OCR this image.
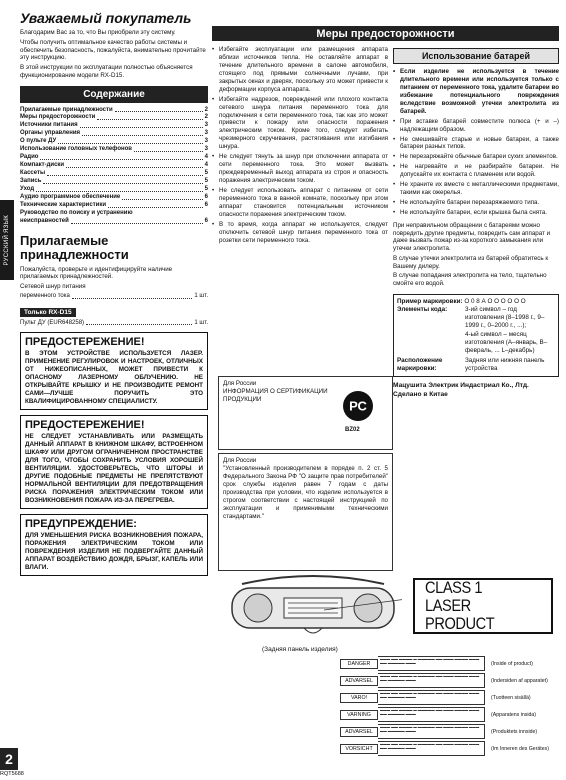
РУССКИЙ ЯЗЫК
Уважаемый покупатель

Благодарим Вас за то, что Вы приобрели эту систему.

Чтобы получить оптимальное качество работы системы и обеспечить безопасность, пожалуйста, внимательно прочитайте эту инструкцию.

В этой инструкции по эксплуатации полностью объясняется функционирование модели RX-D15.

Содержание
Прилагаемые принадлежности	2
Меры предосторожности	2
Источники питания	3
Органы управления	3
О пульте ДУ	3
Использование головных телефонов	3
Радио	4
Компакт-диски	4
Кассеты	5
Запись	5
Уход	5
Аудио программное обеспечение	6
Технические характеристики	6
Руководство по поиску и устранению
неисправностей	6
Прилагаемые
принадлежности

Пожалуйста, проверьте и идентифицируйте наличие прилагаемых принадлежностей.

Сетевой шнур питания
переменного тока	1 шт.
Только RX-D15
Пульт ДУ (EUR648258)	1 шт.
ПРЕДОСТЕРЕЖЕНИЕ!

В ЭТОМ УСТРОЙСТВЕ ИСПОЛЬЗУЕТСЯ ЛАЗЕР. ПРИМЕНЕНИЕ РЕГУЛИРОВОК И НАСТРОЕК, ОТЛИЧНЫХ ОТ НИЖЕОПИСАННЫХ, МОЖЕТ ПРИВЕСТИ К ОПАСНОМУ ЛАЗЕРНОМУ ОБЛУЧЕНИЮ. НЕ ОТКРЫВАЙТЕ КРЫШКУ И НЕ ПРОИЗВОДИТЕ РЕМОНТ САМИ—ЛУЧШЕ ПОРУЧИТЬ ЭТО КВАЛИФИЦИРОВАННОМУ СПЕЦИАЛИСТУ.

ПРЕДОСТЕРЕЖЕНИЕ!

НЕ СЛЕДУЕТ УСТАНАВЛИВАТЬ ИЛИ РАЗМЕЩАТЬ ДАННЫЙ АППАРАТ В КНИЖНОМ ШКАФУ, ВСТРОЕННОМ ШКАФУ ИЛИ ДРУГОМ ОГРАНИЧЕННОМ ПРОСТРАНСТВЕ ДЛЯ ТОГО, ЧТОБЫ СОХРАНИТЬ УСЛОВИЯ ХОРОШЕЙ ВЕНТИЛЯЦИИ. УДОСТОВЕРЬТЕСЬ, ЧТО ШТОРЫ И ДРУГИЕ ПОДОБНЫЕ ПРЕДМЕТЫ НЕ ПРЕПЯТСТВУЮТ НОРМАЛЬНОЙ ВЕНТИЛЯЦИИ ДЛЯ ПРЕДОТВРАЩЕНИЯ РИСКА ПОРАЖЕНИЯ ЭЛЕКТРИЧЕСКИМ ТОКОМ ИЛИ ВОЗНИКНОВЕНИЯ ПОЖАРА ИЗ-ЗА ПЕРЕГРЕВА.

ПРЕДУПРЕЖДЕНИЕ:

ДЛЯ УМЕНЬШЕНИЯ РИСКА ВОЗНИКНОВЕНИЯ ПОЖАРА, ПОРАЖЕНИЯ ЭЛЕКТРИЧЕСКИМ ТОКОМ ИЛИ ПОВРЕЖДЕНИЯ ИЗДЕЛИЯ НЕ ПОДВЕРГАЙТЕ ДАННЫЙ АППАРАТ ВОЗДЕЙСТВИЮ ДОЖДЯ, БРЫЗГ, КАПЕЛЬ ИЛИ ВЛАГИ.

Меры предосторожности

• Избегайте эксплуатации или размещения аппарата вблизи источников тепла. Не оставляйте аппарат в течение длительного времени в салоне автомобиля, стоящего под прямыми солнечными лучами, при закрытых окнах и дверях, поскольку это может привести к деформации корпуса аппарата.

• Избегайте надрезов, повреждений или плохого контакта сетевого шнура питания переменного тока для подключения к сети переменного тока, так как это может привести к пожару или опасности поражения электрическим током. Кроме того, следует избегать чрезмерного скручивания, растягивания или изгибания шнура.

• Не следует тянуть за шнур при отключении аппарата от сети переменного тока. Это может вызвать преждевременный выход аппарата из строя и опасность поражения электрическим током.

• Не следует использовать аппарат с питанием от сети переменного тока в ванной комнате, поскольку при этом аппарат становится потенциальным источником опасности поражения электрическим током.

• В то время, когда аппарат не используется, следует отключить сетевой шнур питания переменного тока от розетки сети переменного тока.

Использование батарей

• Если изделие не используется в течение длительного времени или используется только с питанием от переменного тока, удалите батареи во избежание потенциального повреждения вследствие возможной утечки электролита из батарей.

• При вставке батарей совместите полюса (+ и –) надлежащим образом.

• Не смешивайте старые и новые батареи, а также батареи разных типов.

• Не перезаряжайте обычные батареи сухих элементов.

• Не нагревайте и не разбирайте батареи. Не допускайте их контакта с пламенем или водой.

• Не храните их вместе с металлическими предметами, такими как ожерелья.

• Не используйте батареи перезаряжаемого типа.

• Не используйте батареи, если крышка была снята.

При неправильном обращении с батареями можно повредить другие предметы, повредить сам аппарат и даже вызвать пожар из-за короткого замыкания или утечки электролита.

В случае утечки электролита из батарей обратитесь к Вашему дилеру.

В случае попадания электролита на тело, тщательно смойте его водой.

Пример маркировки: О 0 8 А О О О О О О
Элементы кода:	3-ий символ – год изготовления (8–1998 г., 9–1999 г., 0–2000 г., ...);
4-ый символ – месяц изготовления (А–январь, В–февраль, ... L–декабрь)
Расположение маркировки:
Задняя или нижняя панель устройства

Мацушита Электрик Индастриал Ко., Лтд. Сделано в Китае

Для России
ИНФОРМАЦИЯ О СЕРТИФИКАЦИИ
ПРОДУКЦИИ	РС
BZ02
Для России
"Установленный производителем в порядке п. 2 ст. 5 Федерального Закона РФ "О защите прав потребителей" срок службы изделия равен 7 годам с даты производства при условии, что изделие используется в строгом соответствии с настоящей инструкцией по эксплуатации и применимыми техническими стандартами."
(Задняя панель изделия)
CLASS 1
LASER PRODUCT
DANGER
▬▬▬ ▬▬ ▬▬▬▬ ▬ ▬▬▬▬▬ ▬▬ ▬▬▬ ▬▬▬▬ ▬▬▬ ▬▬ ▬▬▬▬▬ ▬▬▬	(Inside of product)
ADVARSEL
▬▬▬ ▬▬ ▬▬▬▬ ▬ ▬▬▬▬▬ ▬▬ ▬▬▬ ▬▬▬▬ ▬▬▬ ▬▬ ▬▬▬▬▬ ▬▬▬	(Indersiden af apparatet)
VARO!
▬▬▬ ▬▬ ▬▬▬▬ ▬ ▬▬▬▬▬ ▬▬ ▬▬▬ ▬▬▬▬ ▬▬▬ ▬▬ ▬▬▬▬▬ ▬▬▬	(Tuotteen sisällä)
VARNING
▬▬▬ ▬▬ ▬▬▬▬ ▬ ▬▬▬▬▬ ▬▬ ▬▬▬ ▬▬▬▬ ▬▬▬ ▬▬ ▬▬▬▬▬ ▬▬▬	(Apparatens insida)
ADVARSEL
▬▬▬ ▬▬ ▬▬▬▬ ▬ ▬▬▬▬▬ ▬▬ ▬▬▬ ▬▬▬▬ ▬▬▬ ▬▬ ▬▬▬▬▬ ▬▬▬	(Produktets innside)
VORSICHT
▬▬▬ ▬▬ ▬▬▬▬ ▬ ▬▬▬▬▬ ▬▬ ▬▬▬ ▬▬▬▬ ▬▬▬ ▬▬ ▬▬▬▬▬ ▬▬▬	(Im Inneren des Gerätes)
2
RQT5688
